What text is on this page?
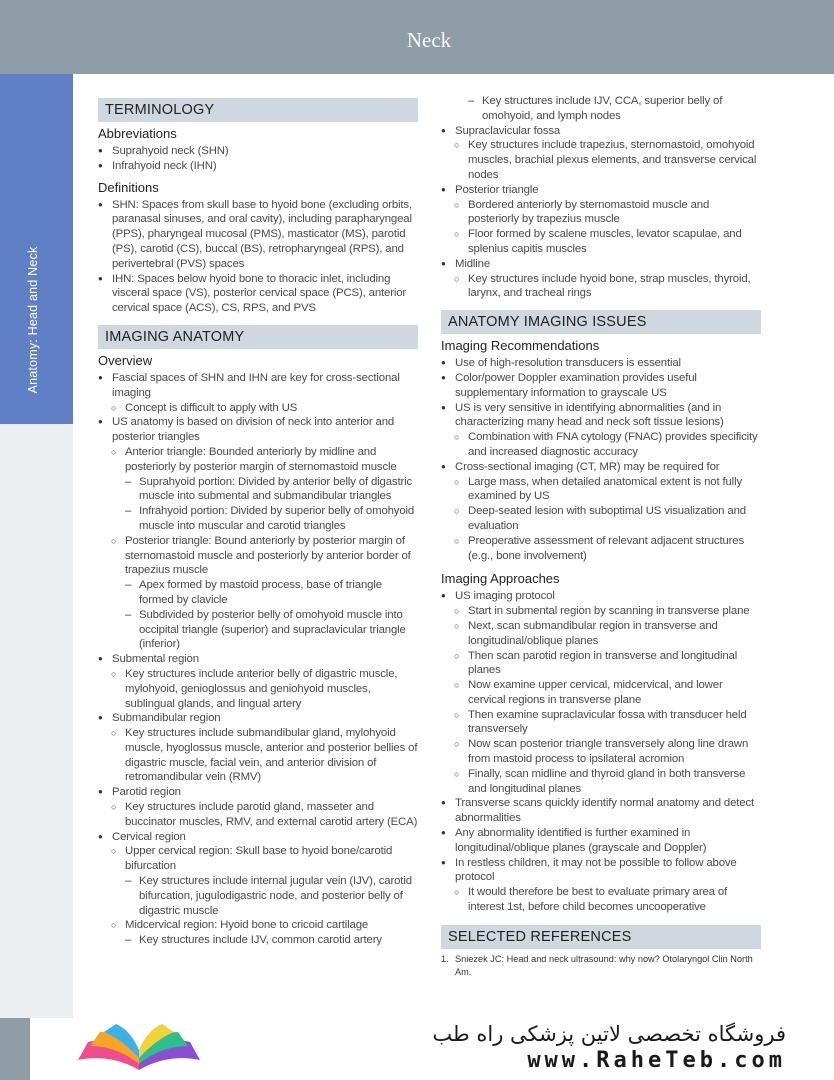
Neck
Anatomy: Head and Neck
TERMINOLOGY
Abbreviations
● Suprahyoid neck (SHN)
● Infrahyoid neck (IHN)
Definitions
● SHN: Spaces from skull base to hyoid bone (excluding orbits, paranasal sinuses, and oral cavity), including parapharyngeal (PPS), pharyngeal mucosal (PMS), masticator (MS), parotid (PS), carotid (CS), buccal (BS), retropharyngeal (RPS), and perivertebral (PVS) spaces
● IHN: Spaces below hyoid bone to thoracic inlet, including visceral space (VS), posterior cervical space (PCS), anterior cervical space (ACS), CS, RPS, and PVS
IMAGING ANATOMY
Overview
● Fascial spaces of SHN and IHN are key for cross-sectional imaging
○ Concept is difficult to apply with US
● US anatomy is based on division of neck into anterior and posterior triangles
○ Anterior triangle: Bounded anteriorly by midline and posteriorly by posterior margin of sternomastoid muscle
– Suprahyoid portion: Divided by anterior belly of digastric muscle into submental and submandibular triangles
– Infrahyoid portion: Divided by superior belly of omohyoid muscle into muscular and carotid triangles
○ Posterior triangle: Bound anteriorly by posterior margin of sternomastoid muscle and posteriorly by anterior border of trapezius muscle
– Apex formed by mastoid process, base of triangle formed by clavicle
– Subdivided by posterior belly of omohyoid muscle into occipital triangle (superior) and supraclavicular triangle (inferior)
● Submental region
○ Key structures include anterior belly of digastric muscle, mylohyoid, genioglossus and geniohyoid muscles, sublingual glands, and lingual artery
● Submandibular region
○ Key structures include submandibular gland, mylohyoid muscle, hyoglossus muscle, anterior and posterior bellies of digastric muscle, facial vein, and anterior division of retromandibular vein (RMV)
● Parotid region
○ Key structures include parotid gland, masseter and buccinator muscles, RMV, and external carotid artery (ECA)
● Cervical region
○ Upper cervical region: Skull base to hyoid bone/carotid bifurcation
– Key structures include internal jugular vein (IJV), carotid bifurcation, jugulodigastric node, and posterior belly of digastric muscle
○ Midcervical region: Hyoid bone to cricoid cartilage
– Key structures include IJV, common carotid artery
– Key structures include IJV, CCA, superior belly of omohyoid, and lymph nodes
● Supraclavicular fossa
○ Key structures include trapezius, sternomastoid, omohyoid muscles, brachial plexus elements, and transverse cervical nodes
● Posterior triangle
○ Bordered anteriorly by sternomastoid muscle and posteriorly by trapezius muscle
○ Floor formed by scalene muscles, levator scapulae, and splenius capitis muscles
● Midline
○ Key structures include hyoid bone, strap muscles, thyroid, larynx, and tracheal rings
ANATOMY IMAGING ISSUES
Imaging Recommendations
● Use of high-resolution transducers is essential
● Color/power Doppler examination provides useful supplementary information to grayscale US
● US is very sensitive in identifying abnormalities (and in characterizing many head and neck soft tissue lesions)
○ Combination with FNA cytology (FNAC) provides specificity and increased diagnostic accuracy
● Cross-sectional imaging (CT, MR) may be required for
○ Large mass, when detailed anatomical extent is not fully examined by US
○ Deep-seated lesion with suboptimal US visualization and evaluation
○ Preoperative assessment of relevant adjacent structures (e.g., bone involvement)
Imaging Approaches
● US imaging protocol
○ Start in submental region by scanning in transverse plane
○ Next, scan submandibular region in transverse and longitudinal/oblique planes
○ Then scan parotid region in transverse and longitudinal planes
○ Now examine upper cervical, midcervical, and lower cervical regions in transverse plane
○ Then examine supraclavicular fossa with transducer held transversely
○ Now scan posterior triangle transversely along line drawn from mastoid process to ipsilateral acromion
○ Finally, scan midline and thyroid gland in both transverse and longitudinal planes
● Transverse scans quickly identify normal anatomy and detect abnormalities
● Any abnormality identified is further examined in longitudinal/oblique planes (grayscale and Doppler)
● In restless children, it may not be possible to follow above protocol
○ It would therefore be best to evaluate primary area of interest 1st, before child becomes uncooperative
SELECTED REFERENCES
1. Sniezek JC: Head and neck ultrasound: why now? Otolaryngol Clin North Am.
فروشگاه تخصصی لاتین پزشکی راه طب
www.RaheTeb.com
